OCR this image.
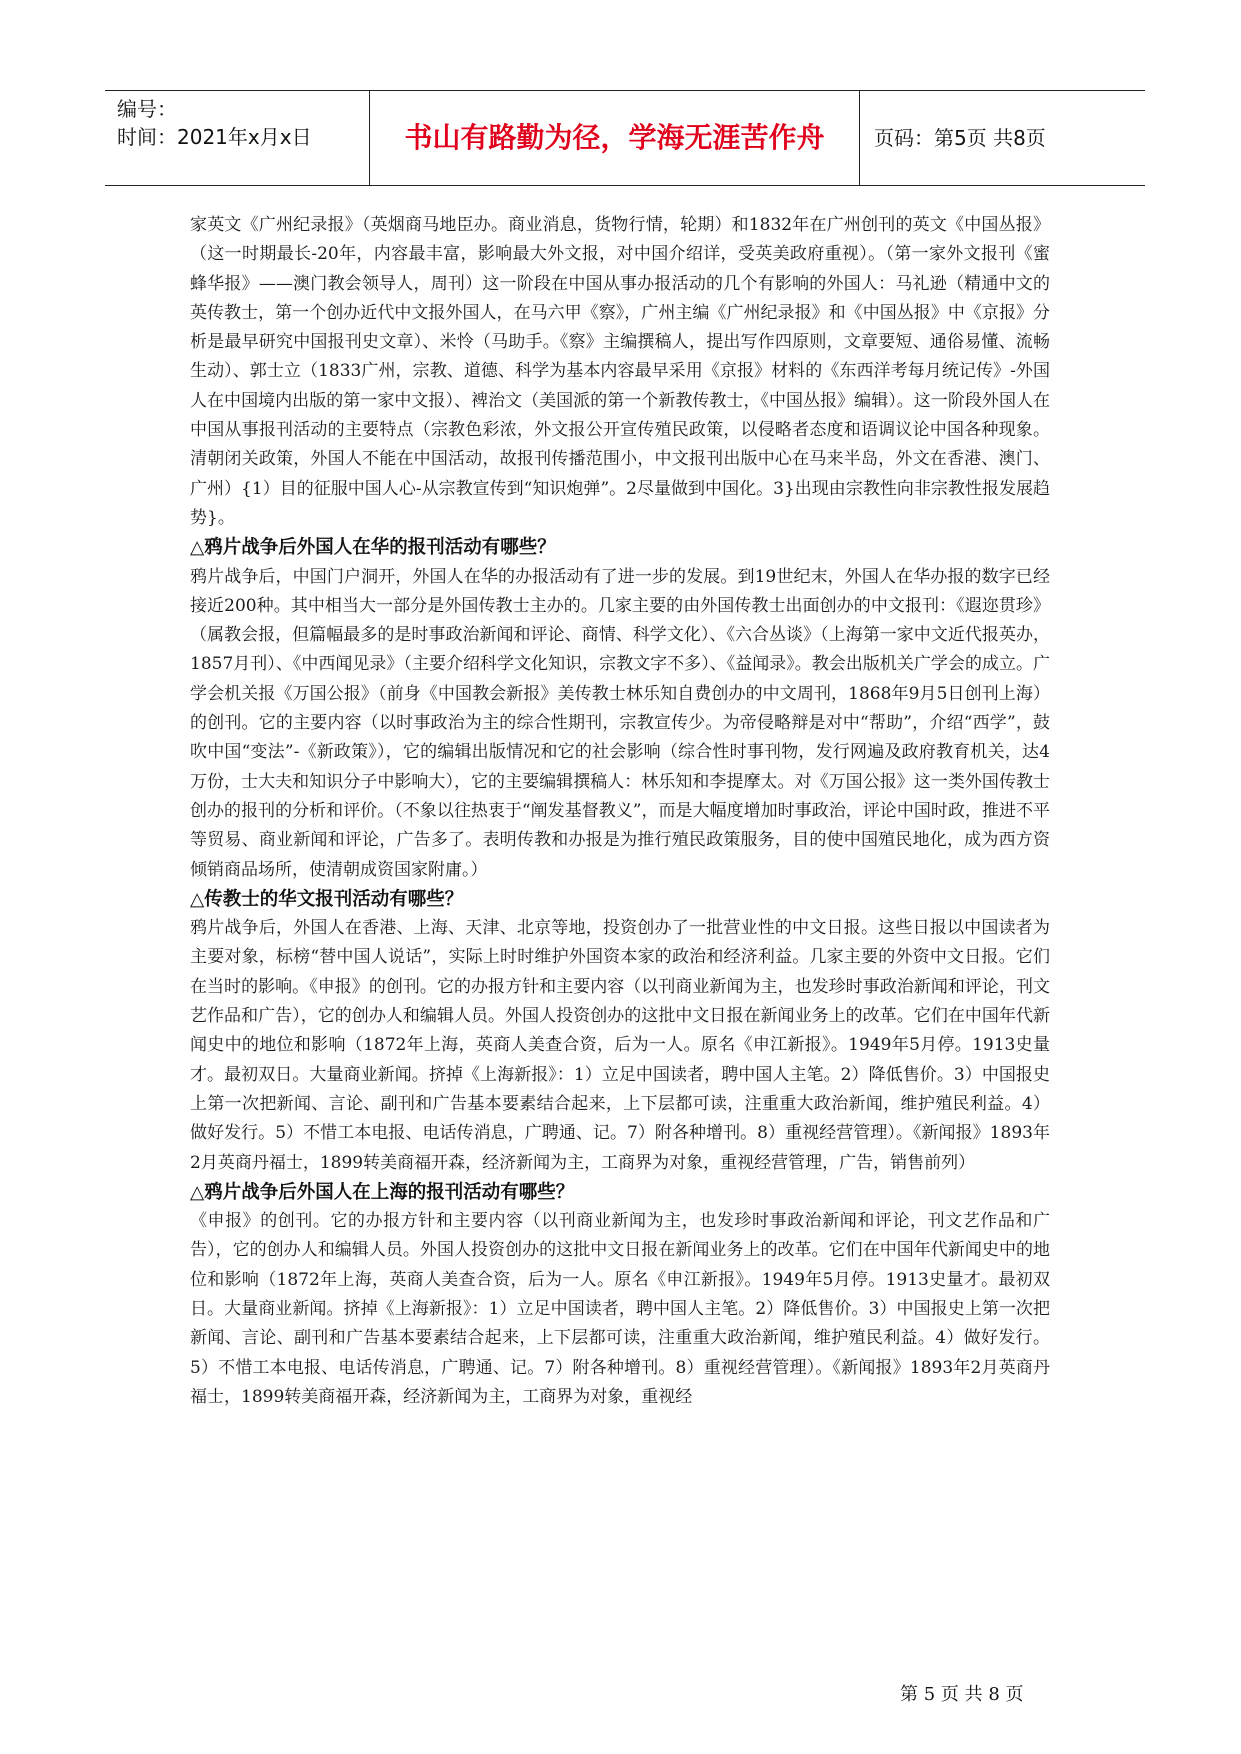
编号：
时间：2021年x月x日	书山有路勤为径，学海无涯苦作舟	页码：第5页 共8页

家英文《广州纪录报》（英烟商马地臣办。商业消息，货物行情，轮期）和1832年在广州创刊的英文《中国丛报》（这一时期最长-20年，内容最丰富，影响最大外文报，对中国介绍详，受英美政府重视）。（第一家外文报刊《蜜蜂华报》——澳门教会领导人，周刊）这一阶段在中国从事办报活动的几个有影响的外国人：马礼逊（精通中文的英传教士，第一个创办近代中文报外国人，在马六甲《察》，广州主编《广州纪录报》和《中国丛报》中《京报》分析是最早研究中国报刊史文章）、米怜（马助手。《察》主编撰稿人，提出写作四原则，文章要短、通俗易懂、流畅生动）、郭士立（1833广州，宗教、道德、科学为基本内容最早采用《京报》材料的《东西洋考每月统记传》-外国人在中国境内出版的第一家中文报）、裨治文（美国派的第一个新教传教士，《中国丛报》编辑）。这一阶段外国人在中国从事报刊活动的主要特点（宗教色彩浓，外文报公开宣传殖民政策，以侵略者态度和语调议论中国各种现象。清朝闭关政策，外国人不能在中国活动，故报刊传播范围小，中文报刊出版中心在马来半岛，外文在香港、澳门、广州）{1）目的征服中国人心-从宗教宣传到“知识炮弹”。2尽量做到中国化。3}出现由宗教性向非宗教性报发展趋势}。

△鸦片战争后外国人在华的报刊活动有哪些？

鸦片战争后，中国门户洞开，外国人在华的办报活动有了进一步的发展。到19世纪末，外国人在华办报的数字已经接近200种。其中相当大一部分是外国传教士主办的。几家主要的由外国传教士出面创办的中文报刊：《遐迩贯珍》（属教会报，但篇幅最多的是时事政治新闻和评论、商情、科学文化）、《六合丛谈》（上海第一家中文近代报英办，1857月刊）、《中西闻见录》（主要介绍科学文化知识，宗教文字不多）、《益闻录》。教会出版机关广学会的成立。广学会机关报《万国公报》（前身《中国教会新报》美传教士林乐知自费创办的中文周刊，1868年9月5日创刊上海）的创刊。它的主要内容（以时事政治为主的综合性期刊，宗教宣传少。为帝侵略辩是对中“帮助”，介绍“西学”，鼓吹中国“变法”-《新政策》），它的编辑出版情况和它的社会影响（综合性时事刊物，发行网遍及政府教育机关，达4万份，士大夫和知识分子中影响大），它的主要编辑撰稿人：林乐知和李提摩太。对《万国公报》这一类外国传教士创办的报刊的分析和评价。（不象以往热衷于“阐发基督教义”，而是大幅度增加时事政治，评论中国时政，推进不平等贸易、商业新闻和评论，广告多了。表明传教和办报是为推行殖民政策服务，目的使中国殖民地化，成为西方资倾销商品场所，使清朝成资国家附庸。）

△传教士的华文报刊活动有哪些？

鸦片战争后，外国人在香港、上海、天津、北京等地，投资创办了一批营业性的中文日报。这些日报以中国读者为主要对象，标榜“替中国人说话”，实际上时时维护外国资本家的政治和经济利益。几家主要的外资中文日报。它们在当时的影响。《申报》的创刊。它的办报方针和主要内容（以刊商业新闻为主，也发珍时事政治新闻和评论，刊文艺作品和广告），它的创办人和编辑人员。外国人投资创办的这批中文日报在新闻业务上的改革。它们在中国年代新闻史中的地位和影响（1872年上海，英商人美查合资，后为一人。原名《申江新报》。1949年5月停。1913史量才。最初双日。大量商业新闻。挤掉《上海新报》：1）立足中国读者，聘中国人主笔。2）降低售价。3）中国报史上第一次把新闻、言论、副刊和广告基本要素结合起来，上下层都可读，注重重大政治新闻，维护殖民利益。4）做好发行。5）不惜工本电报、电话传消息，广聘通、记。7）附各种增刊。8）重视经营管理）。《新闻报》1893年2月英商丹福士，1899转美商福开森，经济新闻为主，工商界为对象，重视经营管理，广告，销售前列）

△鸦片战争后外国人在上海的报刊活动有哪些？

《申报》的创刊。它的办报方针和主要内容（以刊商业新闻为主，也发珍时事政治新闻和评论，刊文艺作品和广告），它的创办人和编辑人员。外国人投资创办的这批中文日报在新闻业务上的改革。它们在中国年代新闻史中的地位和影响（1872年上海，英商人美查合资，后为一人。原名《申江新报》。1949年5月停。1913史量才。最初双日。大量商业新闻。挤掉《上海新报》：1）立足中国读者，聘中国人主笔。2）降低售价。3）中国报史上第一次把新闻、言论、副刊和广告基本要素结合起来，上下层都可读，注重重大政治新闻，维护殖民利益。4）做好发行。5）不惜工本电报、电话传消息，广聘通、记。7）附各种增刊。8）重视经营管理）。《新闻报》1893年2月英商丹福士，1899转美商福开森，经济新闻为主，工商界为对象，重视经

第 5 页 共 8 页
